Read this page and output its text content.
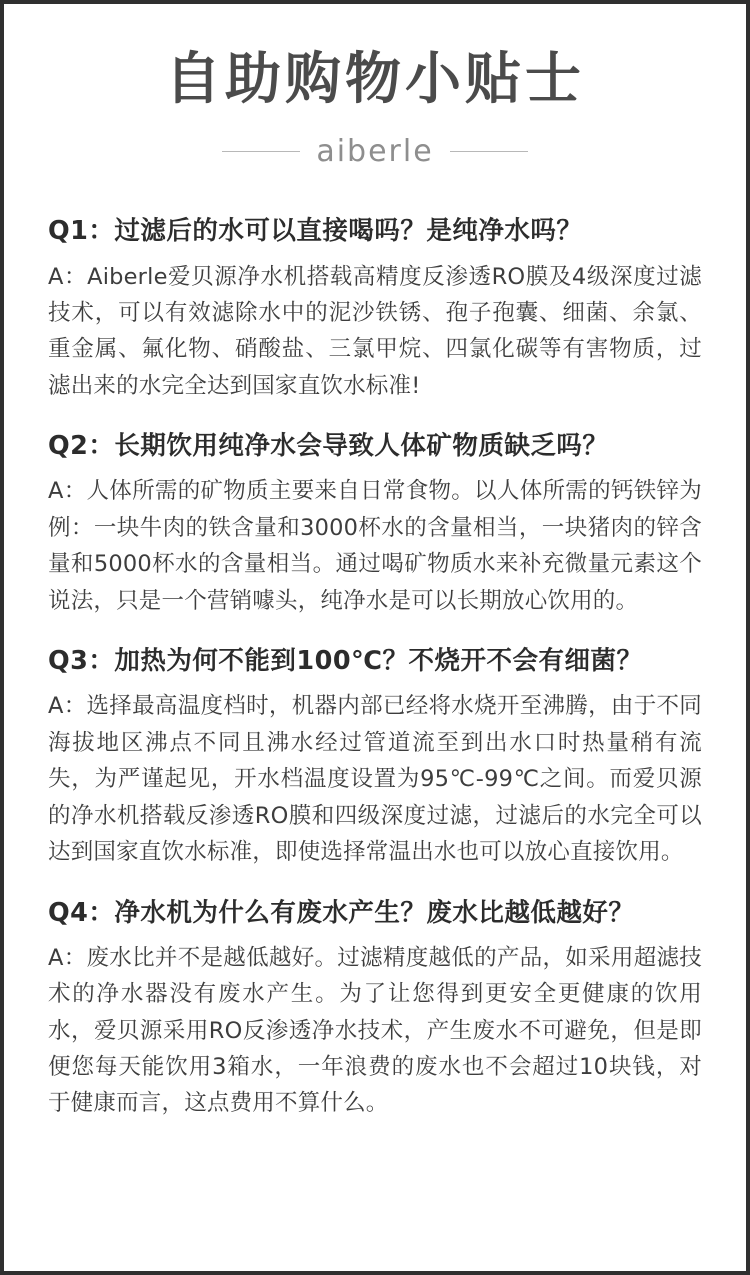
自助购物小贴士
aiberle
Q1：过滤后的水可以直接喝吗？是纯净水吗？
A：Aiberle爱贝源净水机搭载高精度反渗透RO膜及4级深度过滤技术，可以有效滤除水中的泥沙铁锈、孢子孢囊、细菌、余氯、重金属、氟化物、硝酸盐、三氯甲烷、四氯化碳等有害物质，过滤出来的水完全达到国家直饮水标准!
Q2：长期饮用纯净水会导致人体矿物质缺乏吗？
A：人体所需的矿物质主要来自日常食物。以人体所需的钙铁锌为例：一块牛肉的铁含量和3000杯水的含量相当，一块猪肉的锌含量和5000杯水的含量相当。通过喝矿物质水来补充微量元素这个说法，只是一个营销噱头，纯净水是可以长期放心饮用的。
Q3：加热为何不能到100℃？不烧开不会有细菌？
A：选择最高温度档时，机器内部已经将水烧开至沸腾，由于不同海拔地区沸点不同且沸水经过管道流至到出水口时热量稍有流失，为严谨起见，开水档温度设置为95℃-99℃之间。而爱贝源的净水机搭载反渗透RO膜和四级深度过滤，过滤后的水完全可以达到国家直饮水标准，即使选择常温出水也可以放心直接饮用。
Q4：净水机为什么有废水产生？废水比越低越好？
A：废水比并不是越低越好。过滤精度越低的产品，如采用超滤技术的净水器没有废水产生。为了让您得到更安全更健康的饮用水，爱贝源采用RO反渗透净水技术，产生废水不可避免，但是即便您每天能饮用3箱水，一年浪费的废水也不会超过10块钱，对于健康而言，这点费用不算什么。
